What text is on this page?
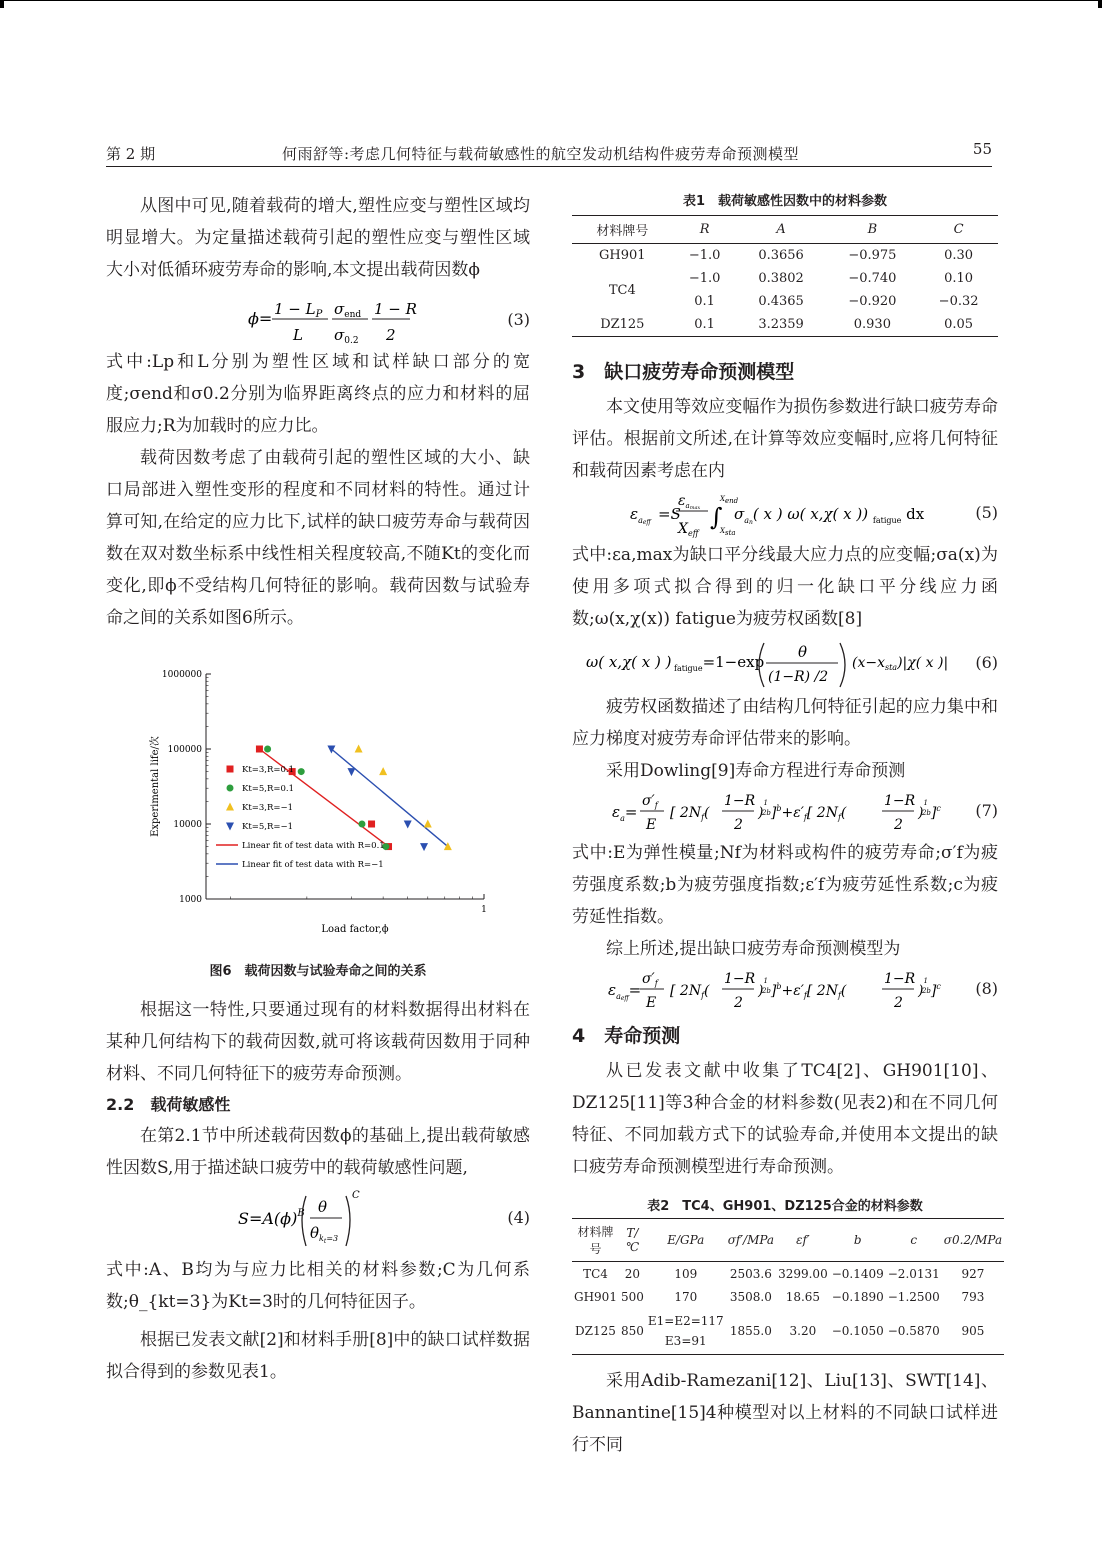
第 2 期	何雨舒等:考虑几何特征与载荷敏感性的航空发动机结构件疲劳寿命预测模型	55

从图中可见,随着载荷的增大,塑性应变与塑性区域均明显增大。为定量描述载荷引起的塑性应变与塑性区域大小对低循环疲劳寿命的影响,本文提出载荷因数ϕ

$\phi= 1 - L_P$
L
$\sigma_{end}$
$\sigma_{0.2}$
1 − R
2
(3)

式中:Lp和L分别为塑性区域和试样缺口部分的宽度;σend和σ0.2分别为临界距离终点的应力和材料的屈服应力;R为加载时的应力比。

载荷因数考虑了由载荷引起的塑性区域的大小、缺口局部进入塑性变形的程度和不同材料的特性。通过计算可知,在给定的应力比下,试样的缺口疲劳寿命与载荷因数在双对数坐标系中线性相关程度较高,不随Kt的变化而变化,即ϕ不受结构几何特征的影响。载荷因数与试验寿命之间的关系如图6所示。

1000
10000
100000
1000000
1
Load factor,ϕ
Experimental life/次	Kt=3,R=0.1
Kt=5,R=0.1
Kt=3,R=−1
Kt=5,R=−1
Linear fit of test data with R=0.1
Linear fit of test data with R=−1
图6　载荷因数与试验寿命之间的关系

根据这一特性,只要通过现有的材料数据得出材料在某种几何结构下的载荷因数,就可将该载荷因数用于同种材料、不同几何特征下的疲劳寿命预测。

2.2　载荷敏感性

在第2.1节中所述载荷因数ϕ的基础上,提出载荷敏感性因数S,用于描述缺口疲劳中的载荷敏感性问题,

$S=A(\phi)^B$ θ
$\theta_{k_t=3}$
C
(4)

式中:A、B均为与应力比相关的材料参数;C为几何系数;θ_{kt=3}为Kt=3时的几何特征因子。

根据已发表文献[2]和材料手册[8]中的缺口试样数据拟合得到的参数见表1。

表1　载荷敏感性因数中的材料参数
材料牌号	R	A	B	C
GH901	−1.0	0.3656	−0.975	0.30
TC4	−1.0	0.3802	−0.740	0.10
	0.1	0.4365	−0.920	−0.32
DZ125	0.1	3.2359	0.930	0.05

3　缺口疲劳寿命预测模型

本文使用等效应变幅作为损伤参数进行缺口疲劳寿命评估。根据前文所述,在计算等效应变幅时,应将几何特征和载荷因素考虑在内

$\varepsilon_{aeff} =S$
$\varepsilon_{amax}$
$X_{eff}$
∫
Xend
Xsta
$\sigma_{an}$( x ) ω( x,χ( x )) $_{fatigue}$ dx	(5)

式中:εa,max为缺口平分线最大应力点的应变幅;σa(x)为使用多项式拟合得到的归一化缺口平分线应力函数;ω(x,χ(x)) fatigue为疲劳权函数[8]

ω( x,χ( x ) ) $_{fatigue}$=1−exp
θ
(1−R) /2
$(x-x_{sta})|\chi$( x )| (6)

疲劳权函数描述了由结构几何特征引起的应力集中和应力梯度对疲劳寿命评估带来的影响。

采用Dowling[9]寿命方程进行寿命预测

$\varepsilon_a=$
$\sigma'_f$
E
[ $2N_f$(
1−R
2
)$^1$ $2b]^b+\varepsilon'_f$[ $2N_f$(
1−R
2
)$^1$ 2b]$^c$ (7)

式中:E为弹性模量;Nf为材料或构件的疲劳寿命;σ′f为疲劳强度系数;b为疲劳强度指数;ε′f为疲劳延性系数;c为疲劳延性指数。

综上所述,提出缺口疲劳寿命预测模型为

$\varepsilon_{aeff}=$
$\sigma'_f$
E
[ $2N_f$(
1−R
2
)$^1$ $2b]^b+\varepsilon'_f$[ $2N_f$(
1−R
2
)$^1$ 2b]$^c$ (8)

4　寿命预测

从已发表文献中收集了TC4[2]、GH901[10]、DZ125[11]等3种合金的材料参数(见表2)和在不同几何特征、不同加载方式下的试验寿命,并使用本文提出的缺口疲劳寿命预测模型进行寿命预测。

表2　TC4、GH901、DZ125合金的材料参数
材料牌号	T/℃	E/GPa	σf′/MPa	εf′	b	c	σ0.2/MPa
TC4	20	109	2503.6	3299.00	−0.1409	−2.0131	927
GH901	500	170	3508.0	18.65	−0.1890	−1.2500	793
DZ125	850	E1=E2=117 E3=91	1855.0	3.20	−0.1050	−0.5870	905

采用Adib-Ramezani[12]、Liu[13]、SWT[14]、Bannantine[15]4种模型对以上材料的不同缺口试样进行不同
